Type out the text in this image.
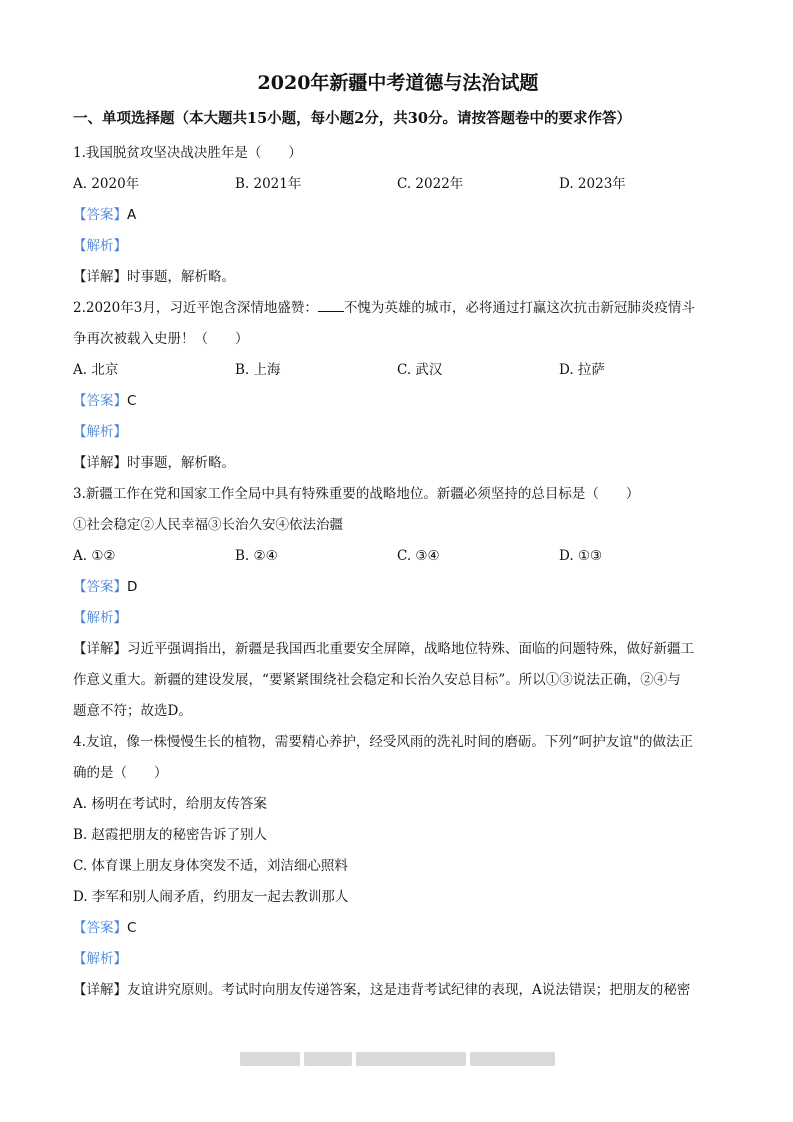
2020年新疆中考道德与法治试题
一、单项选择题（本大题共15小题，每小题2分，共30分。请按答题卷中的要求作答）
1.我国脱贫攻坚决战决胜年是（　　）
A. 2020年	B. 2021年	C. 2022年	D. 2023年
【答案】A
【解析】
【详解】时事题，解析略。
2.2020年3月，习近平饱含深情地盛赞： 不愧为英雄的城市，必将通过打赢这次抗击新冠肺炎疫情斗
争再次被载入史册！（　　）
A. 北京	B. 上海	C. 武汉	D. 拉萨
【答案】C
【解析】
【详解】时事题，解析略。
3.新疆工作在党和国家工作全局中具有特殊重要的战略地位。新疆必须坚持的总目标是（　　）
①社会稳定②人民幸福③长治久安④依法治疆
A. ①②	B. ②④	C. ③④	D. ①③
【答案】D
【解析】
【详解】习近平强调指出，新疆是我国西北重要安全屏障，战略地位特殊、面临的问题特殊，做好新疆工
作意义重大。新疆的建设发展，“要紧紧围绕社会稳定和长治久安总目标”。所以①③说法正确，②④与
题意不符；故选D。
4.友谊，像一株慢慢生长的植物，需要精心养护，经受风雨的洗礼时间的磨砺。下列“呵护友谊"的做法正
确的是（　　）
A. 杨明在考试时，给朋友传答案
B. 赵霞把朋友的秘密告诉了别人
C. 体育课上朋友身体突发不适，刘洁细心照料
D. 李军和别人闹矛盾，约朋友一起去教训那人
【答案】C
【解析】
【详解】友谊讲究原则。考试时向朋友传递答案，这是违背考试纪律的表现，A说法错误；把朋友的秘密
